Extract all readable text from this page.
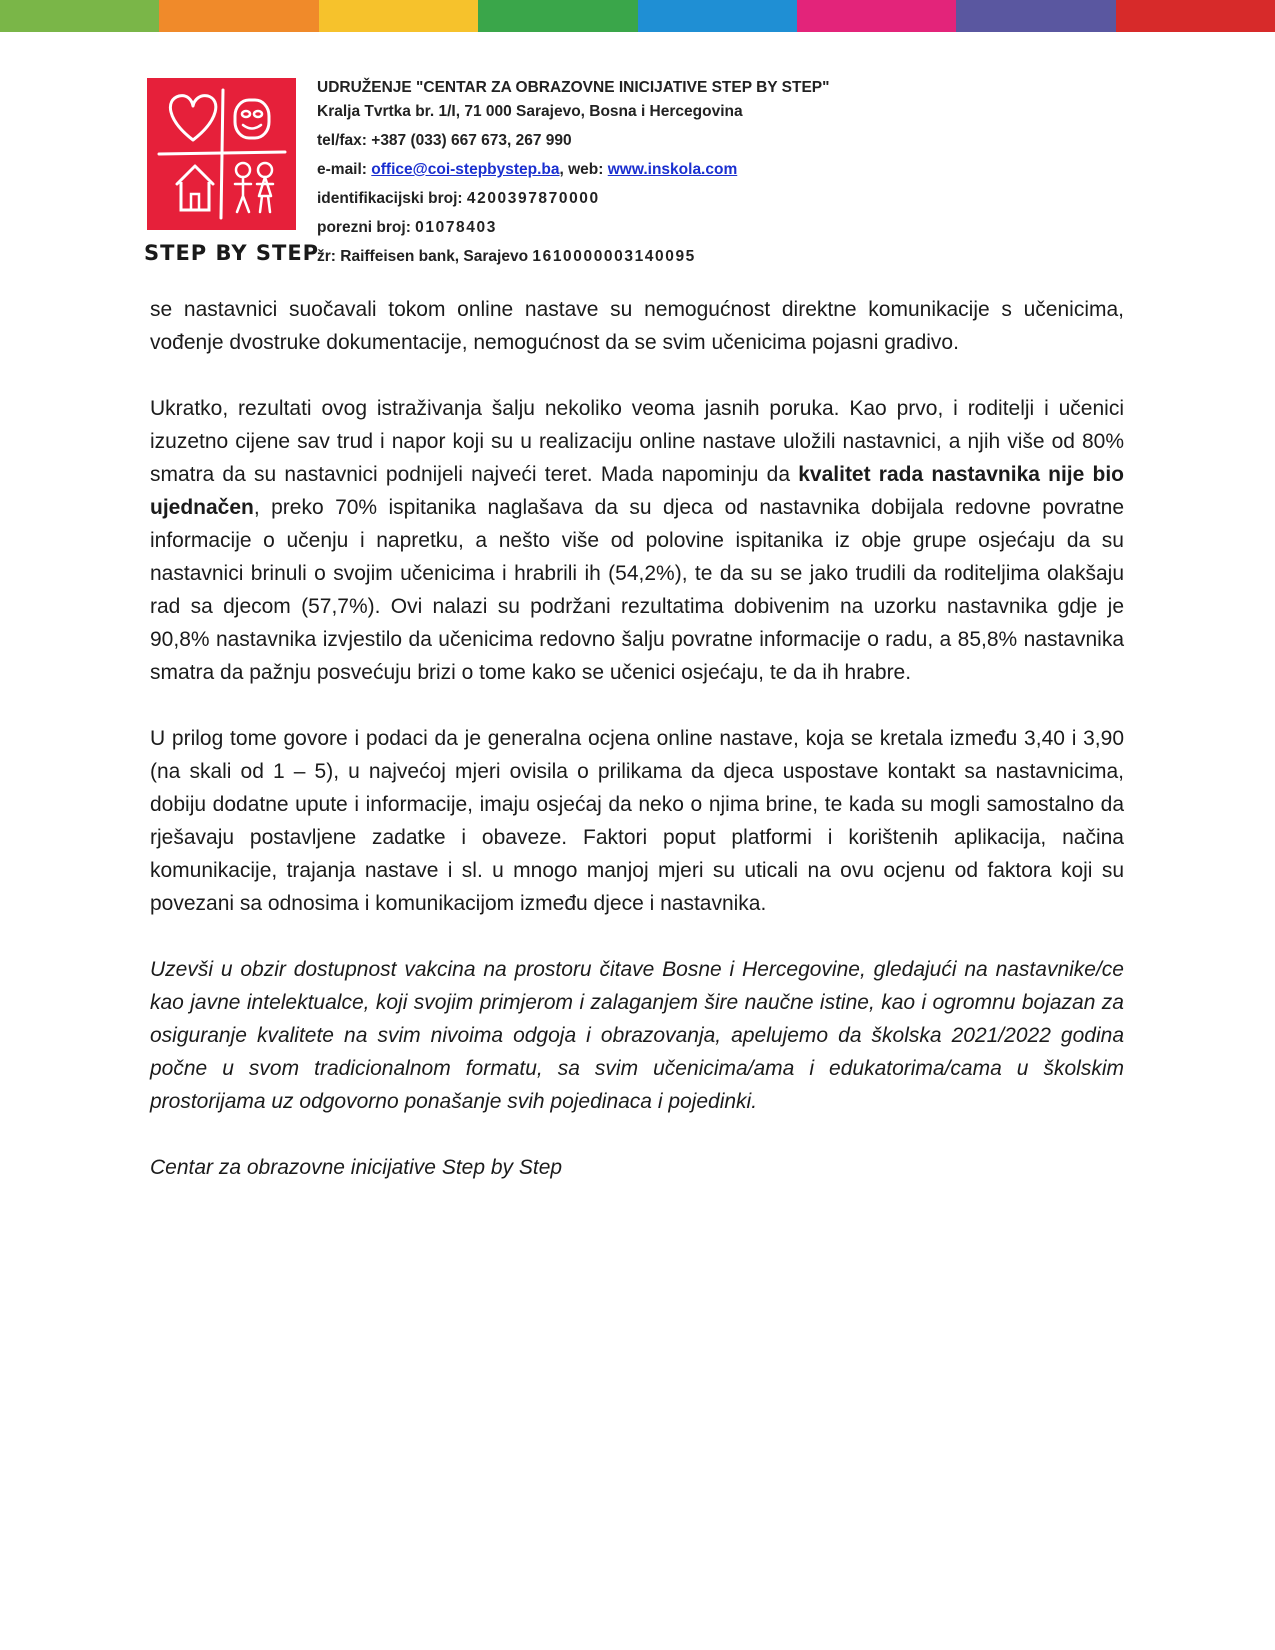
STEP BY STEP
UDRUŽENJE "CENTAR ZA OBRAZOVNE INICIJATIVE STEP BY STEP"
Kralja Tvrtka br. 1/I, 71 000 Sarajevo, Bosna i Hercegovina
tel/fax: +387 (033) 667 673, 267 990
e-mail: office@coi-stepbystep.ba, web: www.inskola.com
identifikacijski broj: 4200397870000
porezni broj: 01078403
žr: Raiffeisen bank, Sarajevo 1610000003140095

se nastavnici suočavali tokom online nastave su nemogućnost direktne komunikacije s učenicima, vođenje dvostruke dokumentacije, nemogućnost da se svim učenicima pojasni gradivo.

Ukratko, rezultati ovog istraživanja šalju nekoliko veoma jasnih poruka. Kao prvo, i roditelji i učenici izuzetno cijene sav trud i napor koji su u realizaciju online nastave uložili nastavnici, a njih više od 80% smatra da su nastavnici podnijeli najveći teret. Mada napominju da kvalitet rada nastavnika nije bio ujednačen, preko 70% ispitanika naglašava da su djeca od nastavnika dobijala redovne povratne informacije o učenju i napretku, a nešto više od polovine ispitanika iz obje grupe osjećaju da su nastavnici brinuli o svojim učenicima i hrabrili ih (54,2%), te da su se jako trudili da roditeljima olakšaju rad sa djecom (57,7%). Ovi nalazi su podržani rezultatima dobivenim na uzorku nastavnika gdje je 90,8% nastavnika izvjestilo da učenicima redovno šalju povratne informacije o radu, a 85,8% nastavnika smatra da pažnju posvećuju brizi o tome kako se učenici osjećaju, te da ih hrabre.

U prilog tome govore i podaci da je generalna ocjena online nastave, koja se kretala između 3,40 i 3,90 (na skali od 1 – 5), u najvećoj mjeri ovisila o prilikama da djeca uspostave kontakt sa nastavnicima, dobiju dodatne upute i informacije, imaju osjećaj da neko o njima brine, te kada su mogli samostalno da rješavaju postavljene zadatke i obaveze. Faktori poput platformi i korištenih aplikacija, načina komunikacije, trajanja nastave i sl. u mnogo manjoj mjeri su uticali na ovu ocjenu od faktora koji su povezani sa odnosima i komunikacijom između djece i nastavnika.

Uzevši u obzir dostupnost vakcina na prostoru čitave Bosne i Hercegovine, gledajući na nastavnike/ce kao javne intelektualce, koji svojim primjerom i zalaganjem šire naučne istine, kao i ogromnu bojazan za osiguranje kvalitete na svim nivoima odgoja i obrazovanja, apelujemo da školska 2021/2022 godina počne u svom tradicionalnom formatu, sa svim učenicima/ama i edukatorima/cama u školskim prostorijama uz odgovorno ponašanje svih pojedinaca i pojedinki.

Centar za obrazovne inicijative Step by Step
